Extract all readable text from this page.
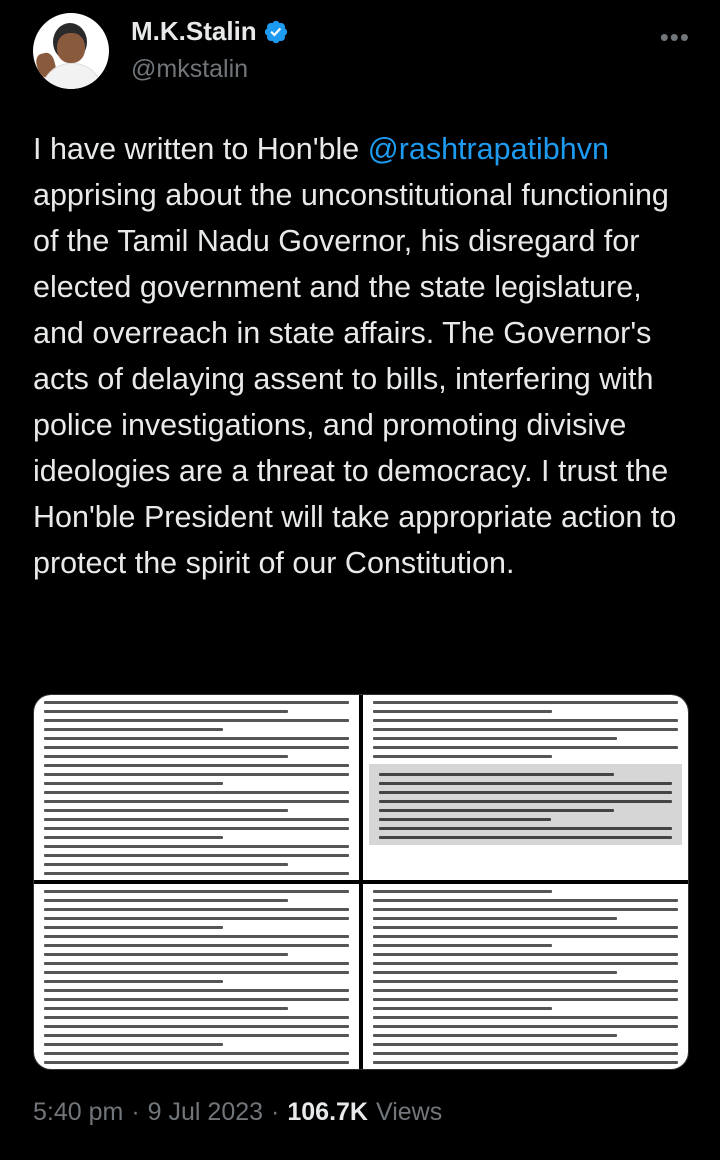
M.K.Stalin
@mkstalin
•••

I have written to Hon'ble @rashtrapatibhvn apprising about the unconstitutional functioning of the Tamil Nadu Governor, his disregard for elected government and the state legislature, and overreach in state affairs. The Governor's acts of delaying assent to bills, interfering with police investigations, and promoting divisive ideologies are a threat to democracy. I trust the Hon'ble President will take appropriate action to protect the spirit of our Constitution.

5:40 pm · 9 Jul 2023 · 106.7K Views
